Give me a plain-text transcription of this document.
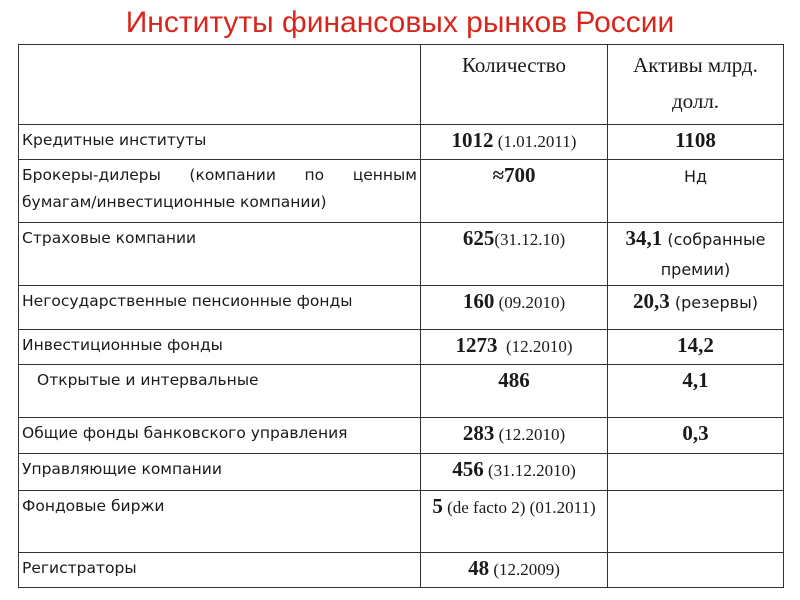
Институты финансовых рынков России
	Количество	Активы млрд. долл.
Кредитные институты	1012 (1.01.2011)	1108
Брокеры-дилеры (компании по ценным бумагам/инвестиционные компании)	≈700	Нд
Страховые компании	625(31.12.10)	34,1 (собранные премии)
Негосударственные пенсионные фонды	160 (09.2010)	20,3 (резервы)
Инвестиционные фонды	1273  (12.2010)	14,2
Открытые и интервальные	486	4,1
Общие фонды банковского управления	283 (12.2010)	0,3
Управляющие компании	456 (31.12.2010)	
Фондовые биржи	5 (de facto 2) (01.2011)	
Регистраторы	48 (12.2009)	
